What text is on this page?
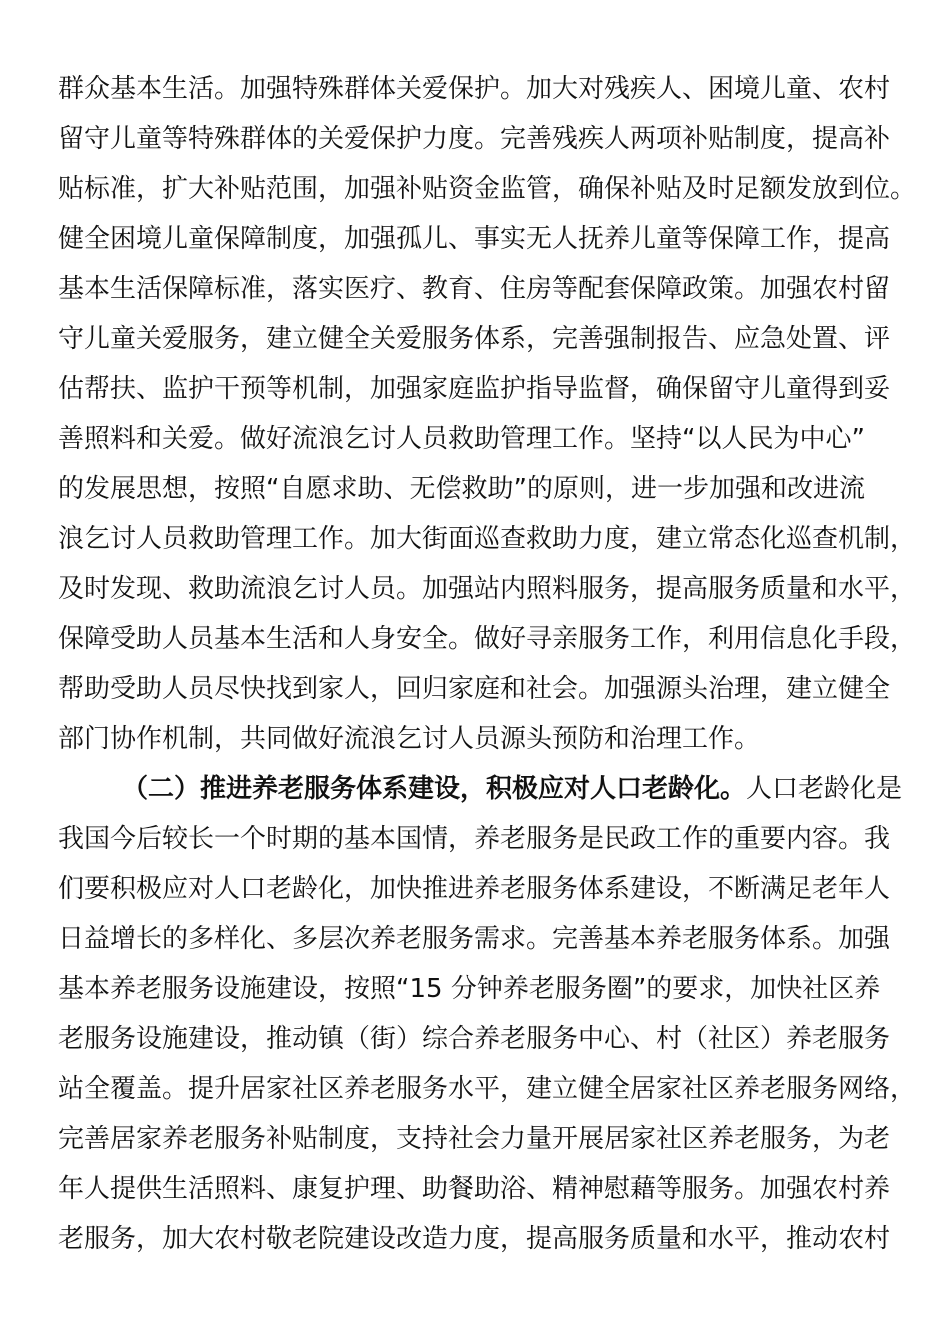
群众基本生活。加强特殊群体关爱保护。加大对残疾人、困境儿童、农村
留守儿童等特殊群体的关爱保护力度。完善残疾人两项补贴制度，提高补
贴标准，扩大补贴范围，加强补贴资金监管，确保补贴及时足额发放到位。
健全困境儿童保障制度，加强孤儿、事实无人抚养儿童等保障工作，提高
基本生活保障标准，落实医疗、教育、住房等配套保障政策。加强农村留
守儿童关爱服务，建立健全关爱服务体系，完善强制报告、应急处置、评
估帮扶、监护干预等机制，加强家庭监护指导监督，确保留守儿童得到妥
善照料和关爱。做好流浪乞讨人员救助管理工作。坚持“以人民为中心”
的发展思想，按照“自愿求助、无偿救助”的原则，进一步加强和改进流
浪乞讨人员救助管理工作。加大街面巡查救助力度，建立常态化巡查机制，
及时发现、救助流浪乞讨人员。加强站内照料服务，提高服务质量和水平，
保障受助人员基本生活和人身安全。做好寻亲服务工作，利用信息化手段，
帮助受助人员尽快找到家人，回归家庭和社会。加强源头治理，建立健全
部门协作机制，共同做好流浪乞讨人员源头预防和治理工作。
（二）推进养老服务体系建设，积极应对人口老龄化。人口老龄化是
我国今后较长一个时期的基本国情，养老服务是民政工作的重要内容。我
们要积极应对人口老龄化，加快推进养老服务体系建设，不断满足老年人
日益增长的多样化、多层次养老服务需求。完善基本养老服务体系。加强
基本养老服务设施建设，按照“15 分钟养老服务圈”的要求，加快社区养
老服务设施建设，推动镇（街）综合养老服务中心、村（社区）养老服务
站全覆盖。提升居家社区养老服务水平，建立健全居家社区养老服务网络，
完善居家养老服务补贴制度，支持社会力量开展居家社区养老服务，为老
年人提供生活照料、康复护理、助餐助浴、精神慰藉等服务。加强农村养
老服务，加大农村敬老院建设改造力度，提高服务质量和水平，推动农村
